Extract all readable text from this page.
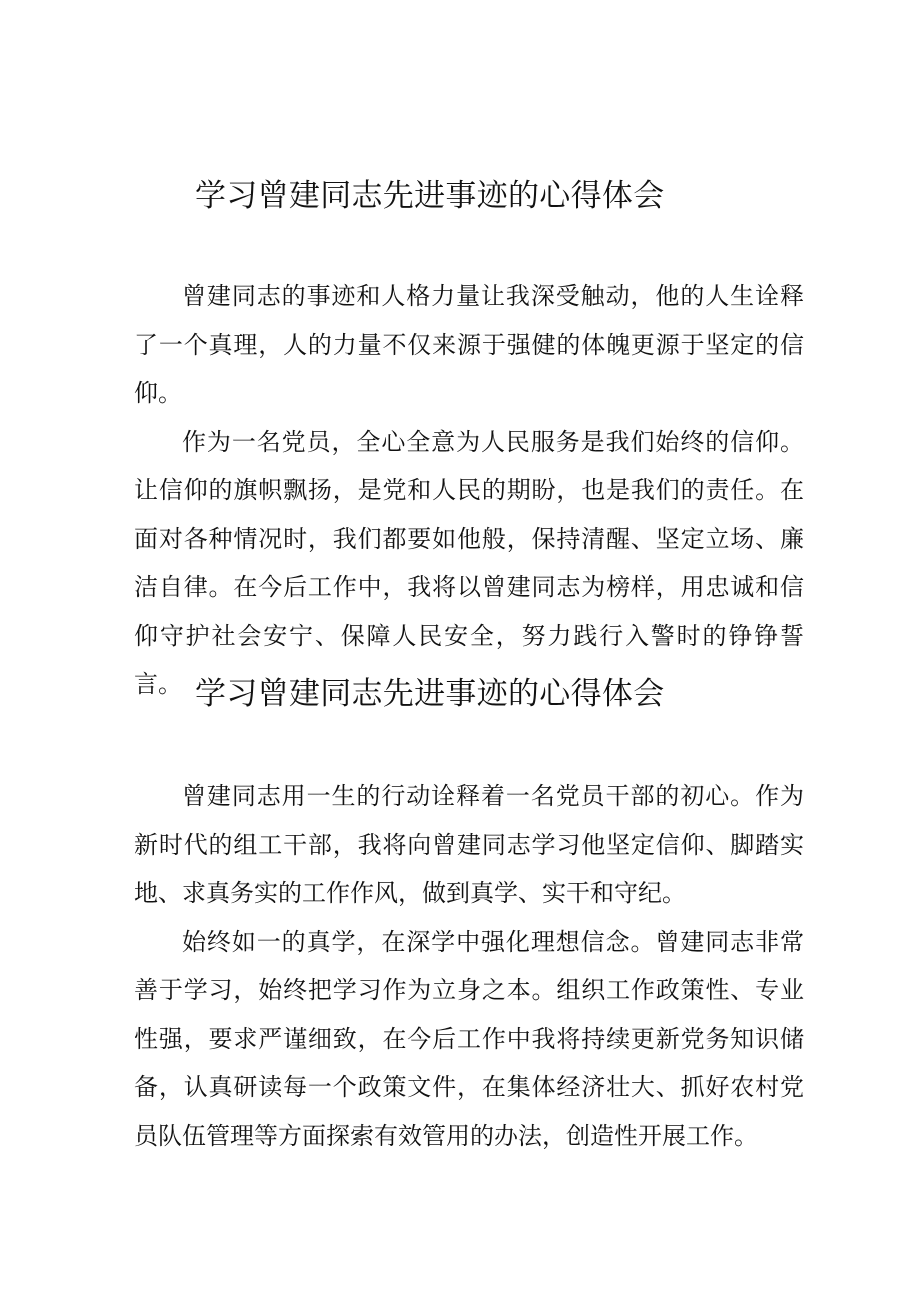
学习曾建同志先进事迹的心得体会

曾建同志的事迹和人格力量让我深受触动，他的人生诠释了一个真理，人的力量不仅来源于强健的体魄更源于坚定的信仰。

作为一名党员，全心全意为人民服务是我们始终的信仰。让信仰的旗帜飘扬，是党和人民的期盼，也是我们的责任。在面对各种情况时，我们都要如他般，保持清醒、坚定立场、廉洁自律。在今后工作中，我将以曾建同志为榜样，用忠诚和信仰守护社会安宁、保障人民安全，努力践行入警时的铮铮誓言。 学习曾建同志先进事迹的心得体会

曾建同志用一生的行动诠释着一名党员干部的初心。作为新时代的组工干部，我将向曾建同志学习他坚定信仰、脚踏实地、求真务实的工作作风，做到真学、实干和守纪。

始终如一的真学，在深学中强化理想信念。曾建同志非常善于学习，始终把学习作为立身之本。组织工作政策性、专业性强，要求严谨细致，在今后工作中我将持续更新党务知识储备，认真研读每一个政策文件，在集体经济壮大、抓好农村党员队伍管理等方面探索有效管用的办法，创造性开展工作。
